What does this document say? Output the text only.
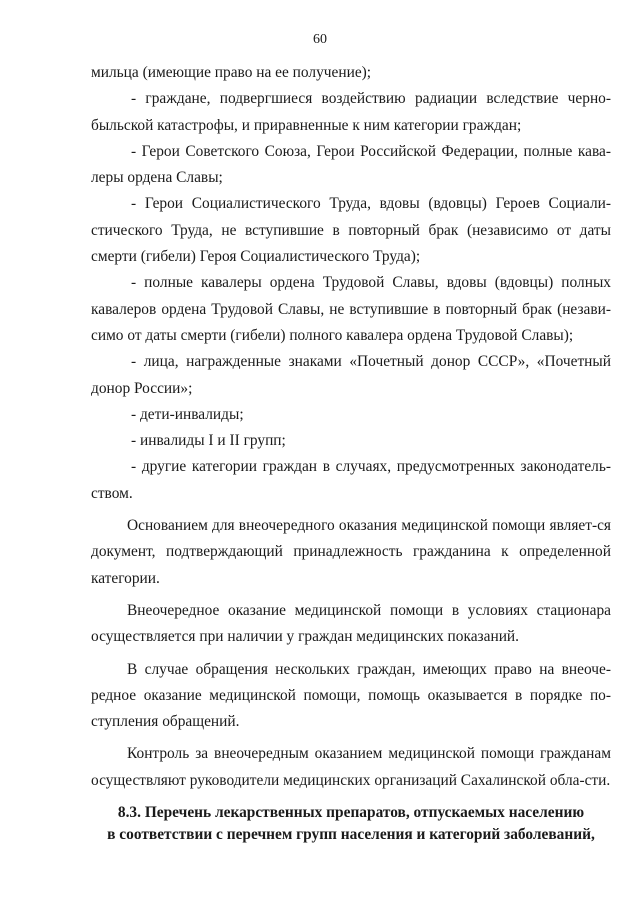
60

мильца (имеющие право на ее получение);

- граждане, подвергшиеся воздействию радиации вследствие черно-быльской катастрофы, и приравненные к ним категории граждан;

- Герои Советского Союза, Герои Российской Федерации, полные кава-леры ордена Славы;

- Герои Социалистического Труда, вдовы (вдовцы) Героев Социали-стического Труда, не вступившие в повторный брак (независимо от даты смерти (гибели) Героя Социалистического Труда);

- полные кавалеры ордена Трудовой Славы, вдовы (вдовцы) полных кавалеров ордена Трудовой Славы, не вступившие в повторный брак (незави-симо от даты смерти (гибели) полного кавалера ордена Трудовой Славы);

- лица, награжденные знаками «Почетный донор СССР», «Почетный донор России»;

- дети-инвалиды;

- инвалиды I и II групп;

- другие категории граждан в случаях, предусмотренных законодатель-ством.

Основанием для внеочередного оказания медицинской помощи являет-ся документ, подтверждающий принадлежность гражданина к определенной категории.

Внеочередное оказание медицинской помощи в условиях стационара осуществляется при наличии у граждан медицинских показаний.

В случае обращения нескольких граждан, имеющих право на внеоче-редное оказание медицинской помощи, помощь оказывается в порядке по-ступления обращений.

Контроль за внеочередным оказанием медицинской помощи гражданам осуществляют руководители медицинских организаций Сахалинской обла-сти.

8.3. Перечень лекарственных препаратов, отпускаемых населению
в соответствии с перечнем групп населения и категорий заболеваний,
